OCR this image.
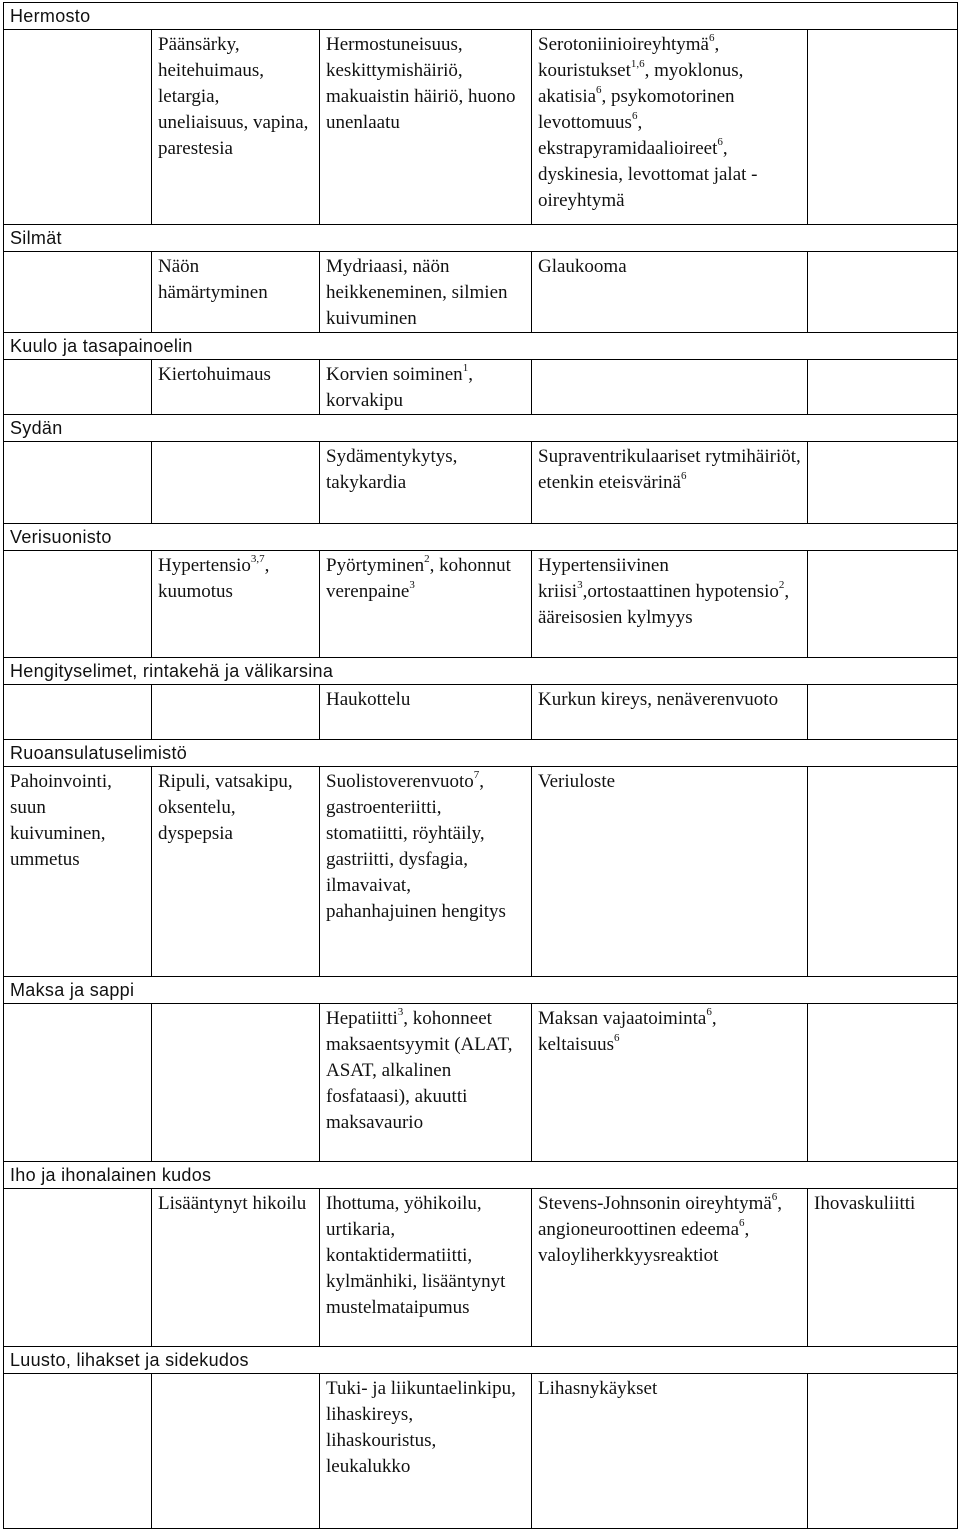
Hermosto				
	Päänsärky, heitehuimaus, letargia, uneliaisuus, vapina, parestesia	Hermostuneisuus, keskittymishäiriö, makuaistin häiriö, huono unenlaatu	Serotoniinioireyhtymä$^6$, kouristukset$^{1,6}$, myoklonus, akatisia$^6$, psykomotorinen levottomuus$^6$, ekstrapyramidaalioireet$^6$, dyskinesia, levottomat jalat -oireyhtymä	
Silmät				
	Näön hämärtyminen	Mydriaasi, näön heikkeneminen, silmien kuivuminen	Glaukooma	
Kuulo ja tasapainoelin				
	Kiertohuimaus	Korvien soiminen$^1$, korvakipu		
Sydän				
		Sydämentykytys, takykardia	Supraventrikulaariset rytmihäiriöt, etenkin eteisvärinä$^6$	
Verisuonisto				
	Hypertensio$^{3,7}$, kuumotus	Pyörtyminen$^2$, kohonnut verenpaine$^3$	Hypertensiivinen kriisi$^3$,ortostaattinen hypotensio$^2$, ääreisosien kylmyys	
Hengityselimet, rintakehä ja välikarsina				
		Haukottelu	Kurkun kireys, nenäverenvuoto	
Ruoansulatuselimistö				
Pahoinvointi, suun kuivuminen, ummetus	Ripuli, vatsakipu, oksentelu, dyspepsia	Suolistoverenvuoto$^7$, gastroenteriitti, stomatiitti, röyhtäily, gastriitti, dysfagia, ilmavaivat, pahanhajuinen hengitys	Veriuloste	
Maksa ja sappi				
		Hepatiitti$^3$, kohonneet maksaentsyymit (ALAT, ASAT, alkalinen fosfataasi), akuutti maksavaurio	Maksan vajaatoiminta$^6$, keltaisuus$^6$	
Iho ja ihonalainen kudos				
	Lisääntynyt hikoilu	Ihottuma, yöhikoilu, urtikaria, kontaktidermatiitti, kylmänhiki, lisääntynyt mustelmataipumus	Stevens-Johnsonin oireyhtymä$^6$, angioneuroottinen edeema$^6$, valoyliherkkyysreaktiot	Ihovaskuliitti
Luusto, lihakset ja sidekudos				
		Tuki- ja liikuntaelinkipu, lihaskireys, lihaskouristus, leukalukko	Lihasnykäykset	
